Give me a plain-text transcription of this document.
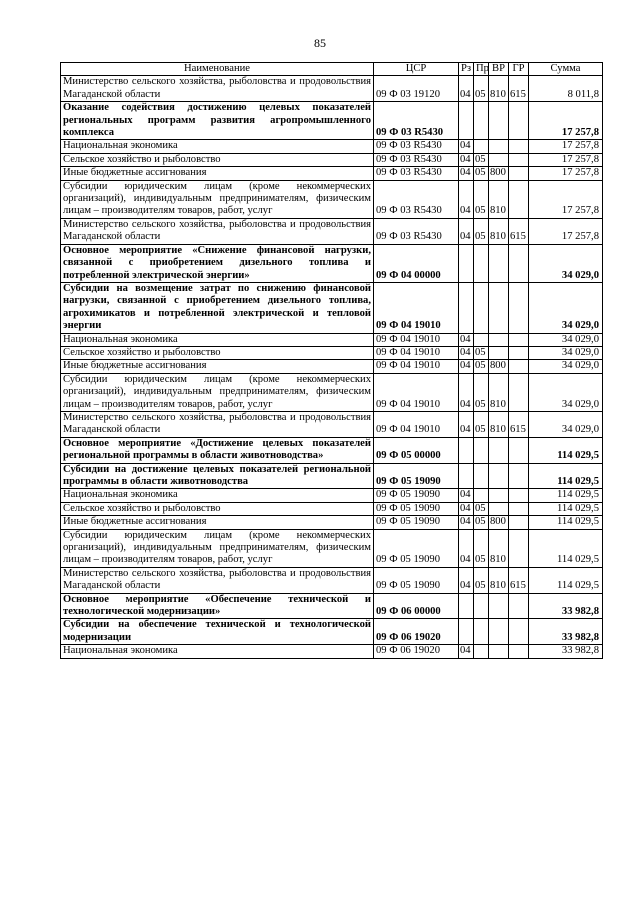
85
Наименование	ЦСР	Рз	Пр	ВР	ГР	Сумма
Министерство сельского хозяйства, рыболовства и продовольствия Магаданской области	09 Ф 03 19120	04	05	810	615	8 011,8
Оказание содействия достижению целевых показателей региональных программ развития агропромышленного комплекса	09 Ф 03 R5430					17 257,8
Национальная экономика	09 Ф 03 R5430	04				17 257,8
Сельское хозяйство и рыболовство	09 Ф 03 R5430	04	05			17 257,8
Иные бюджетные ассигнования	09 Ф 03 R5430	04	05	800		17 257,8
Субсидии юридическим лицам (кроме некоммерческих организаций), индивидуальным предпринимателям, физическим лицам – производителям товаров, работ, услуг	09 Ф 03 R5430	04	05	810		17 257,8
Министерство сельского хозяйства, рыболовства и продовольствия Магаданской области	09 Ф 03 R5430	04	05	810	615	17 257,8
Основное мероприятие «Снижение финансовой нагрузки, связанной с приобретением дизельного топлива и потребленной электрической энергии»	09 Ф 04 00000					34 029,0
Субсидии на возмещение затрат по снижению финансовой нагрузки, связанной с приобретением дизельного топлива, агрохимикатов и потребленной электрической и тепловой энергии	09 Ф 04 19010					34 029,0
Национальная экономика	09 Ф 04 19010	04				34 029,0
Сельское хозяйство и рыболовство	09 Ф 04 19010	04	05			34 029,0
Иные бюджетные ассигнования	09 Ф 04 19010	04	05	800		34 029,0
Субсидии юридическим лицам (кроме некоммерческих организаций), индивидуальным предпринимателям, физическим лицам – производителям товаров, работ, услуг	09 Ф 04 19010	04	05	810		34 029,0
Министерство сельского хозяйства, рыболовства и продовольствия Магаданской области	09 Ф 04 19010	04	05	810	615	34 029,0
Основное мероприятие «Достижение целевых показателей региональной программы в области животноводства»	09 Ф 05 00000					114 029,5
Субсидии на достижение целевых показателей региональной программы в области животноводства	09 Ф 05 19090					114 029,5
Национальная экономика	09 Ф 05 19090	04				114 029,5
Сельское хозяйство и рыболовство	09 Ф 05 19090	04	05			114 029,5
Иные бюджетные ассигнования	09 Ф 05 19090	04	05	800		114 029,5
Субсидии юридическим лицам (кроме некоммерческих организаций), индивидуальным предпринимателям, физическим лицам – производителям товаров, работ, услуг	09 Ф 05 19090	04	05	810		114 029,5
Министерство сельского хозяйства, рыболовства и продовольствия Магаданской области	09 Ф 05 19090	04	05	810	615	114 029,5
Основное мероприятие «Обеспечение технической и технологической модернизации»	09 Ф 06 00000					33 982,8
Субсидии на обеспечение технической и технологической модернизации	09 Ф 06 19020					33 982,8
Национальная экономика	09 Ф 06 19020	04				33 982,8
